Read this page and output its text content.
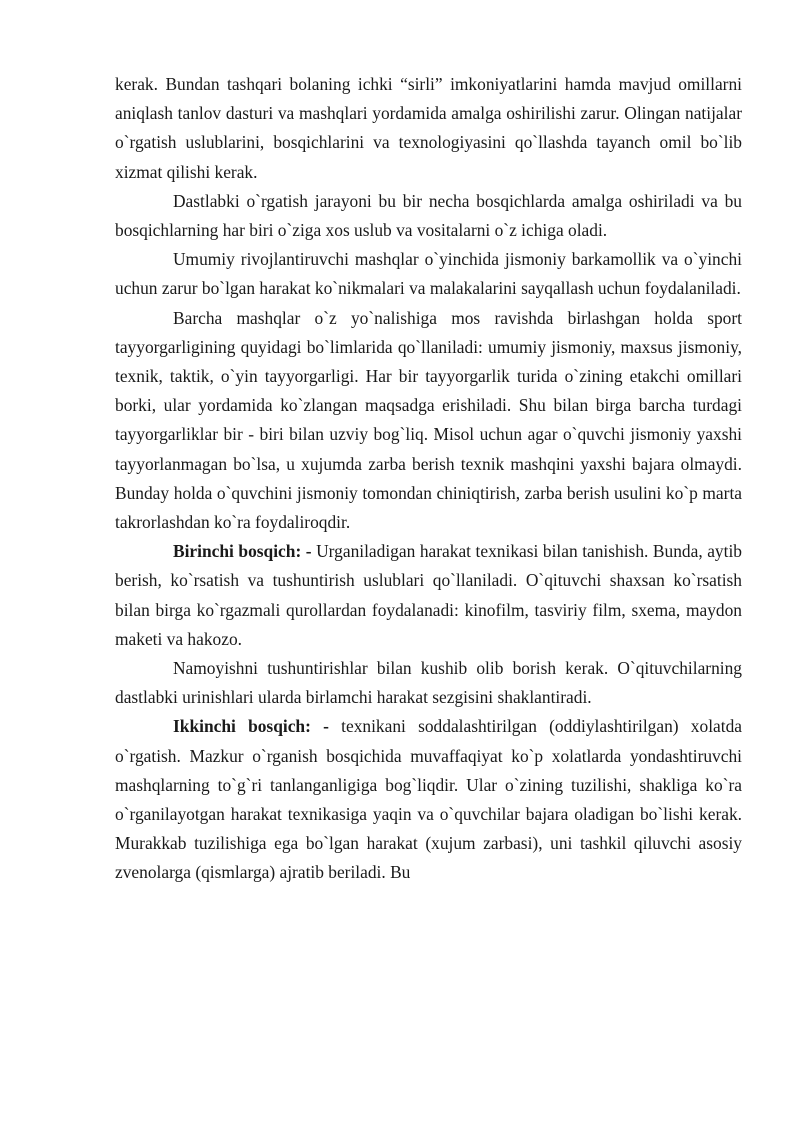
kerak. Bundan tashqari bolaning ichki “sirli” imkoniyatlarini hamda mavjud omillarni aniqlash tanlov dasturi va mashqlari yordamida amalga oshirilishi zarur. Olingan natijalar o`rgatish uslublarini, bosqichlarini va texnologiyasini qo`llashda tayanch omil bo`lib xizmat qilishi kerak.

Dastlabki o`rgatish jarayoni bu bir necha bosqichlarda amalga oshiriladi va bu bosqichlarning har biri o`ziga xos uslub va vositalarni o`z ichiga oladi.

Umumiy rivojlantiruvchi mashqlar o`yinchida jismoniy barkamollik va o`yinchi uchun zarur bo`lgan harakat ko`nikmalari va malakalarini sayqallash uchun foydalaniladi.

Barcha mashqlar o`z yo`nalishiga mos ravishda birlashgan holda sport tayyorgarligining quyidagi bo`limlarida qo`llaniladi: umumiy jismoniy, maxsus jismoniy, texnik, taktik, o`yin tayyorgarligi. Har bir tayyorgarlik turida o`zining etakchi omillari borki, ular yordamida ko`zlangan maqsadga erishiladi. Shu bilan birga barcha turdagi tayyorgarliklar bir - biri bilan uzviy bog`liq. Misol uchun agar o`quvchi jismoniy yaxshi tayyorlanmagan bo`lsa, u xujumda zarba berish texnik mashqini yaxshi bajara olmaydi. Bunday holda o`quvchini jismoniy tomondan chiniqtirish, zarba berish usulini ko`p marta takrorlashdan ko`ra foydaliroqdir.

Birinchi bosqich: - Urganiladigan harakat texnikasi bilan tanishish. Bunda, aytib berish, ko`rsatish va tushuntirish uslublari qo`llaniladi. O`qituvchi shaxsan ko`rsatish bilan birga ko`rgazmali qurollardan foydalanadi: kinofilm, tasviriy film, sxema, maydon maketi va hakozo.

Namoyishni tushuntirishlar bilan kushib olib borish kerak. O`qituvchilarning dastlabki urinishlari ularda birlamchi harakat sezgisini shaklantiradi.

Ikkinchi bosqich: - texnikani soddalashtirilgan (oddiylashtirilgan) xolatda o`rgatish. Mazkur o`rganish bosqichida muvaffaqiyat ko`p xolatlarda yondashtiruvchi mashqlarning to`g`ri tanlanganligiga bog`liqdir. Ular o`zining tuzilishi, shakliga ko`ra o`rganilayotgan harakat texnikasiga yaqin va o`quvchilar bajara oladigan bo`lishi kerak. Murakkab tuzilishiga ega bo`lgan harakat (xujum zarbasi), uni tashkil qiluvchi asosiy zvenolarga (qismlarga) ajratib beriladi. Bu
